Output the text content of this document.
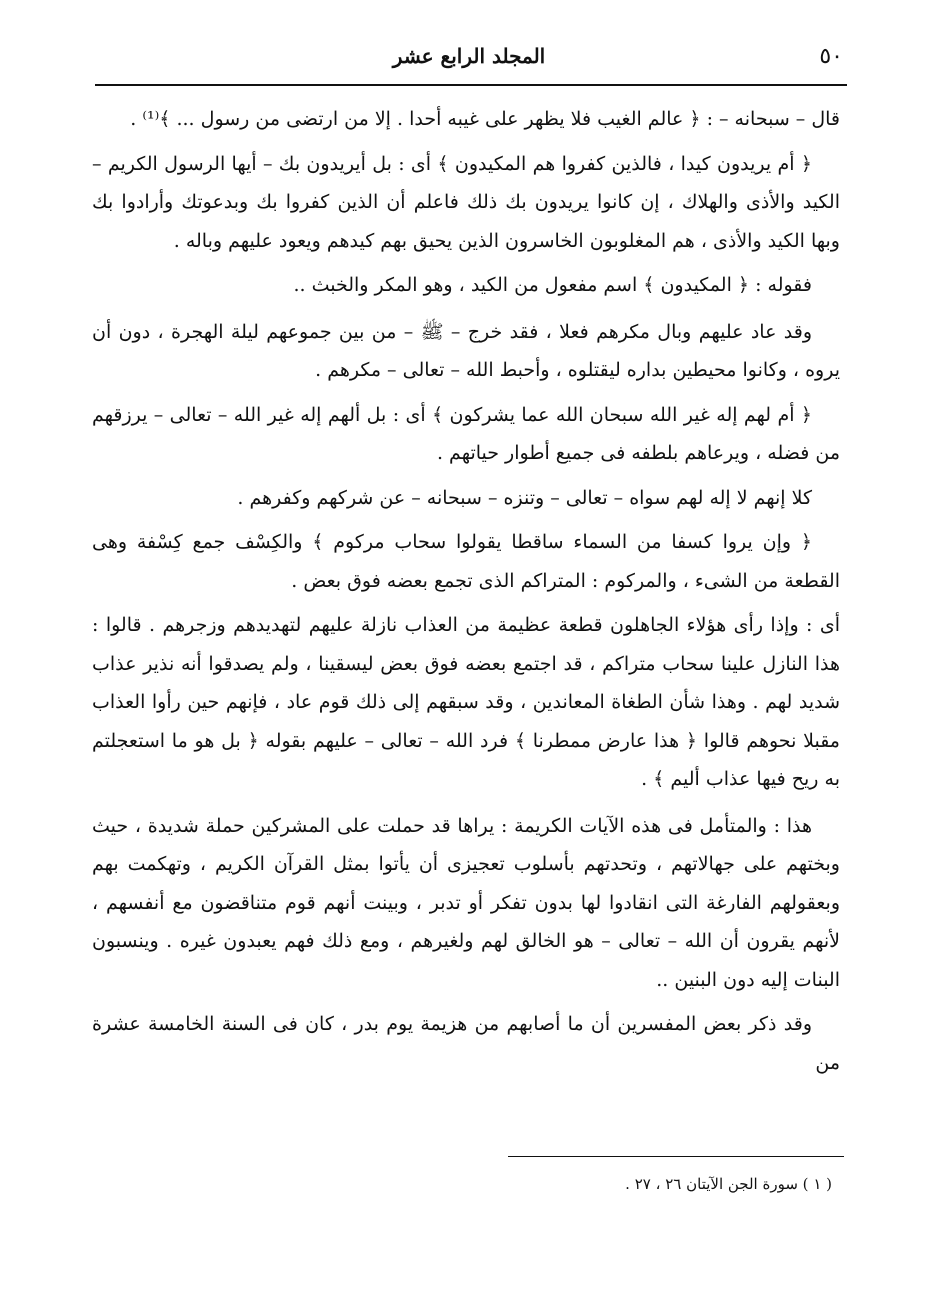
٥٠
المجلد الرابع عشر

قال – سبحانه – : ﴿ عالم الغيب فلا يظهر على غيبه أحدا . إلا من ارتضى من رسول ... ﴾⁽¹⁾ .

﴿ أم يريدون كيدا ، فالذين كفروا هم المكيدون ﴾ أى : بل أيريدون بك – أيها الرسول الكريم – الكيد والأذى والهلاك ، إن كانوا يريدون بك ذلك فاعلم أن الذين كفروا بك وبدعوتك وأرادوا بك وبها الكيد والأذى ، هم المغلوبون الخاسرون الذين يحيق بهم كيدهم ويعود عليهم وباله .

فقوله : ﴿ المكيدون ﴾ اسم مفعول من الكيد ، وهو المكر والخبث ..

وقد عاد عليهم وبال مكرهم فعلا ، فقد خرج – ﷺ – من بين جموعهم ليلة الهجرة ، دون أن يروه ، وكانوا محيطين بداره ليقتلوه ، وأحبط الله – تعالى – مكرهم .

﴿ أم لهم إله غير الله سبحان الله عما يشركون ﴾ أى : بل ألهم إله غير الله – تعالى – يرزقهم من فضله ، ويرعاهم بلطفه فى جميع أطوار حياتهم .

كلا إنهم لا إله لهم سواه – تعالى – وتنزه – سبحانه – عن شركهم وكفرهم .

﴿ وإن يروا كسفا من السماء ساقطا يقولوا سحاب مركوم ﴾ والكِسْف جمع كِسْفة وهى القطعة من الشىء ، والمركوم : المتراكم الذى تجمع بعضه فوق بعض .

أى : وإذا رأى هؤلاء الجاهلون قطعة عظيمة من العذاب نازلة عليهم لتهديدهم وزجرهم . قالوا : هذا النازل علينا سحاب متراكم ، قد اجتمع بعضه فوق بعض ليسقينا ، ولم يصدقوا أنه نذير عذاب شديد لهم . وهذا شأن الطغاة المعاندين ، وقد سبقهم إلى ذلك قوم عاد ، فإنهم حين رأوا العذاب مقبلا نحوهم قالوا ﴿ هذا عارض ممطرنا ﴾ فرد الله – تعالى – عليهم بقوله ﴿ بل هو ما استعجلتم به ريح فيها عذاب أليم ﴾ .

هذا : والمتأمل فى هذه الآيات الكريمة : يراها قد حملت على المشركين حملة شديدة ، حيث وبختهم على جهالاتهم ، وتحدتهم بأسلوب تعجيزى أن يأتوا بمثل القرآن الكريم ، وتهكمت بهم وبعقولهم الفارغة التى انقادوا لها بدون تفكر أو تدبر ، وبينت أنهم قوم متناقضون مع أنفسهم ، لأنهم يقرون أن الله – تعالى – هو الخالق لهم ولغيرهم ، ومع ذلك فهم يعبدون غيره . وينسبون البنات إليه دون البنين ..

وقد ذكر بعض المفسرين أن ما أصابهم من هزيمة يوم بدر ، كان فى السنة الخامسة عشرة من

( ١ ) سورة الجن الآيتان ٢٦ ، ٢٧ .
